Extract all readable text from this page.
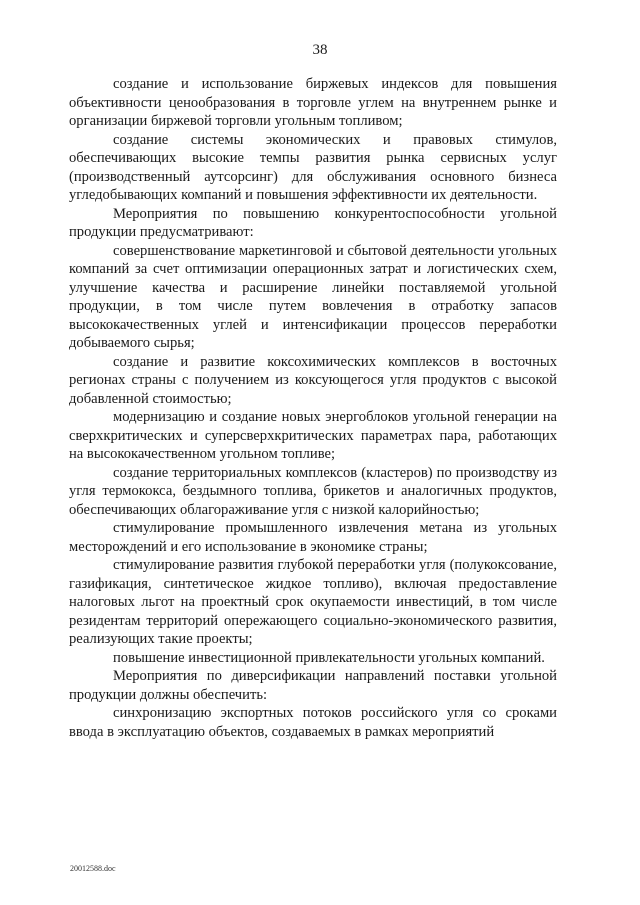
38

создание и использование биржевых индексов для повышения объективности ценообразования в торговле углем на внутреннем рынке и организации биржевой торговли угольным топливом;

создание системы экономических и правовых стимулов, обеспечивающих высокие темпы развития рынка сервисных услуг (производственный аутсорсинг) для обслуживания основного бизнеса угледобывающих компаний и повышения эффективности их деятельности.

Мероприятия по повышению конкурентоспособности угольной продукции предусматривают:

совершенствование маркетинговой и сбытовой деятельности угольных компаний за счет оптимизации операционных затрат и логистических схем, улучшение качества и расширение линейки поставляемой угольной продукции, в том числе путем вовлечения в отработку запасов высококачественных углей и интенсификации процессов переработки добываемого сырья;

создание и развитие коксохимических комплексов в восточных регионах страны с получением из коксующегося угля продуктов с высокой добавленной стоимостью;

модернизацию и создание новых энергоблоков угольной генерации на сверхкритических и суперсверхкритических параметрах пара, работающих на высококачественном угольном топливе;

создание территориальных комплексов (кластеров) по производству из угля термококса, бездымного топлива, брикетов и аналогичных продуктов, обеспечивающих облагораживание угля с низкой калорийностью;

стимулирование промышленного извлечения метана из угольных месторождений и его использование в экономике страны;

стимулирование развития глубокой переработки угля (полукоксование, газификация, синтетическое жидкое топливо), включая предоставление налоговых льгот на проектный срок окупаемости инвестиций, в том числе резидентам территорий опережающего социально-экономического развития, реализующих такие проекты;

повышение инвестиционной привлекательности угольных компаний.

Мероприятия по диверсификации направлений поставки угольной продукции должны обеспечить:

синхронизацию экспортных потоков российского угля со сроками ввода в эксплуатацию объектов, создаваемых в рамках мероприятий

20012588.doc
